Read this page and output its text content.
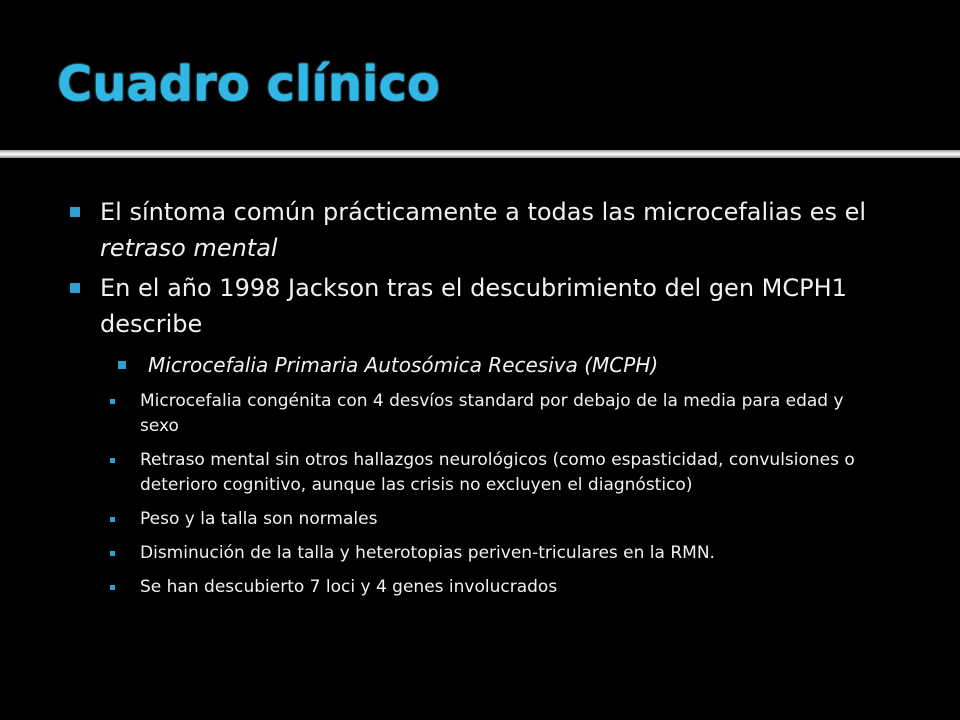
Cuadro clínico
El síntoma común prácticamente a todas las microcefalias es el retraso mental
En el año 1998 Jackson tras el descubrimiento del gen MCPH1 describe
Microcefalia Primaria Autosómica Recesiva (MCPH)
Microcefalia congénita con 4 desvíos standard por debajo de la media para edad y sexo
Retraso mental sin otros hallazgos neurológicos (como espasticidad, convulsiones o deterioro cognitivo, aunque las crisis no excluyen el diagnóstico)
Peso y la talla son normales
Disminución de la talla y heterotopias periven-triculares en la RMN.
Se han descubierto 7 loci y 4 genes involucrados
